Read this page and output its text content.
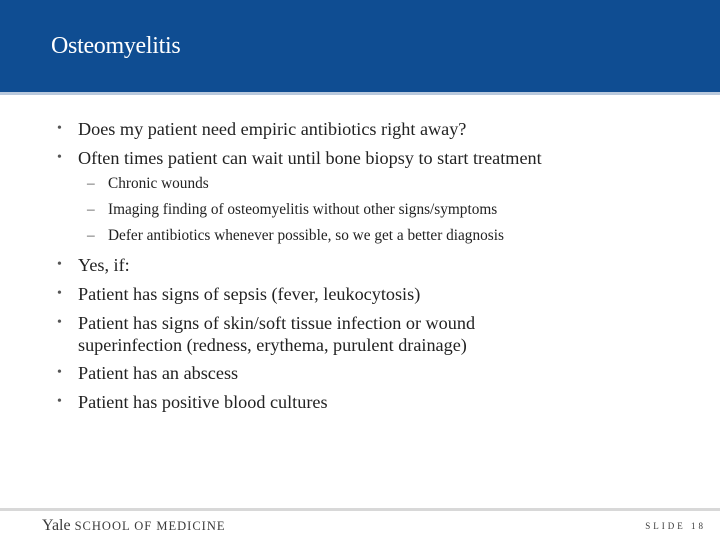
Osteomyelitis
• Does my patient need empiric antibiotics right away?
• Often times patient can wait until bone biopsy to start treatment
– Chronic wounds
– Imaging finding of osteomyelitis without other signs/symptoms
– Defer antibiotics whenever possible, so we get a better diagnosis
• Yes, if:
• Patient has signs of sepsis (fever, leukocytosis)
• Patient has signs of skin/soft tissue infection or wound
superinfection (redness, erythema, purulent drainage)
• Patient has an abscess
• Patient has positive blood cultures
Yale SCHOOL OF MEDICINE	SLIDE 18
